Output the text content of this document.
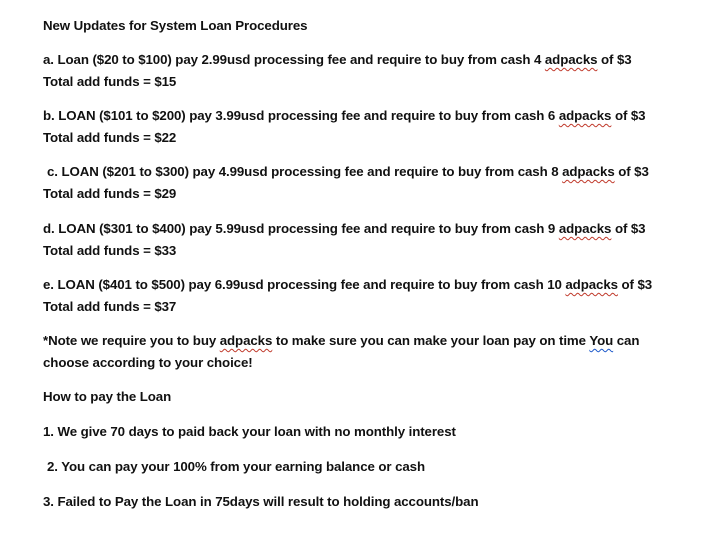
New Updates for System Loan Procedures
a. Loan ($20 to $100) pay 2.99usd processing fee and require to buy from cash 4 adpacks of $3
Total add funds = $15
b. LOAN ($101 to $200) pay 3.99usd processing fee and require to buy from cash 6 adpacks of $3
Total add funds = $22
c. LOAN ($201 to $300) pay 4.99usd processing fee and require to buy from cash 8 adpacks of $3
Total add funds = $29
d. LOAN ($301 to $400) pay 5.99usd processing fee and require to buy from cash 9 adpacks of $3
Total add funds = $33
e. LOAN ($401 to $500) pay 6.99usd processing fee and require to buy from cash 10 adpacks of $3
Total add funds = $37
*Note we require you to buy adpacks to make sure you can make your loan pay on time You can
choose according to your choice!
How to pay the Loan
1. We give 70 days to paid back your loan with no monthly interest
2. You can pay your 100% from your earning balance or cash
3. Failed to Pay the Loan in 75days will result to holding accounts/ban
